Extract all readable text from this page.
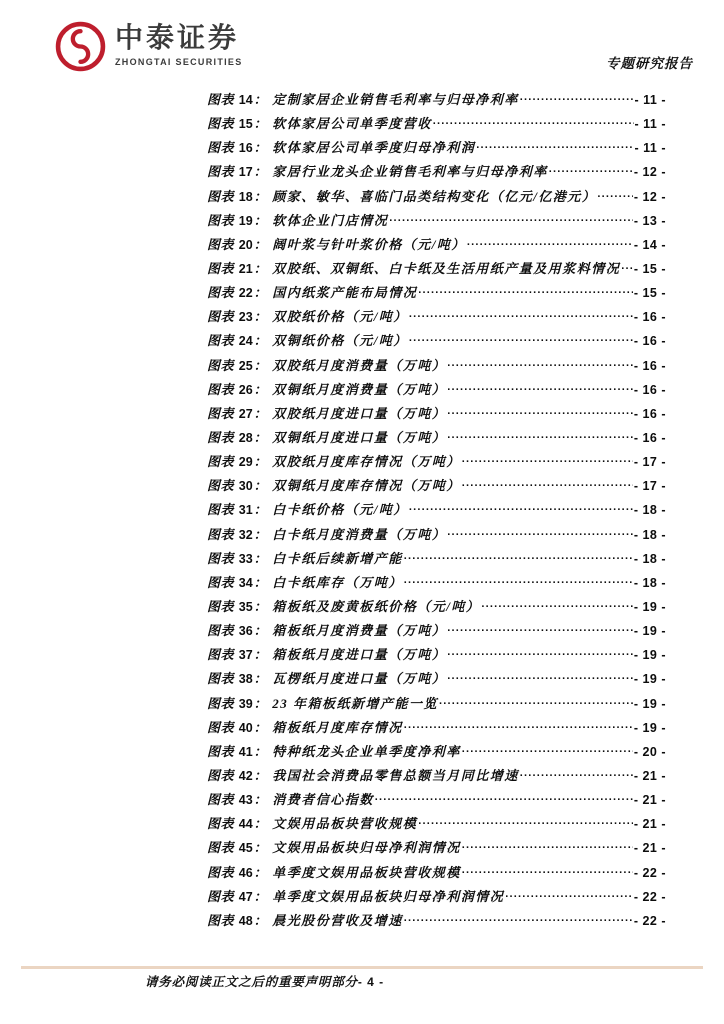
中泰证券
ZHONGTAI SECURITIES	专题研究报告
图表 14： 定制家居企业销售毛利率与归母净利率 .....	- 11 -
图表 15： 软体家居公司单季度营收 .....	- 11 -
图表 16： 软体家居公司单季度归母净利润 .....	- 11 -
图表 17： 家居行业龙头企业销售毛利率与归母净利率 .....	- 12 -
图表 18： 顾家、敏华、喜临门品类结构变化（亿元/亿港元） .....	- 12 -
图表 19： 软体企业门店情况 .....	- 13 -
图表 20： 阔叶浆与针叶浆价格（元/吨） .....	- 14 -
图表 21： 双胶纸、双铜纸、白卡纸及生活用纸产量及用浆料情况 ..... - 15 -
图表 22： 国内纸浆产能布局情况 .....	- 15 -
图表 23： 双胶纸价格（元/吨） .....	- 16 -
图表 24： 双铜纸价格（元/吨） .....	- 16 -
图表 25： 双胶纸月度消费量（万吨） .....	- 16 -
图表 26： 双铜纸月度消费量（万吨） .....	- 16 -
图表 27： 双胶纸月度进口量（万吨） .....	- 16 -
图表 28： 双铜纸月度进口量（万吨） .....	- 16 -
图表 29： 双胶纸月度库存情况（万吨） .....	- 17 -
图表 30： 双铜纸月度库存情况（万吨） .....	- 17 -
图表 31： 白卡纸价格（元/吨） .....	- 18 -
图表 32： 白卡纸月度消费量（万吨） .....	- 18 -
图表 33： 白卡纸后续新增产能 .....	- 18 -
图表 34： 白卡纸库存（万吨） .....	- 18 -
图表 35： 箱板纸及废黄板纸价格（元/吨） .....	- 19 -
图表 36： 箱板纸月度消费量（万吨） .....	- 19 -
图表 37： 箱板纸月度进口量（万吨） .....	- 19 -
图表 38： 瓦楞纸月度进口量（万吨） .....	- 19 -
图表 39： 23 年箱板纸新增产能一览 .....	- 19 -
图表 40： 箱板纸月度库存情况 .....	- 19 -
图表 41： 特种纸龙头企业单季度净利率 .....	- 20 -
图表 42： 我国社会消费品零售总额当月同比增速 .....	- 21 -
图表 43： 消费者信心指数 .....	- 21 -
图表 44： 文娱用品板块营收规模 .....	- 21 -
图表 45： 文娱用品板块归母净利润情况 .....	- 21 -
图表 46： 单季度文娱用品板块营收规模 .....	- 22 -
图表 47： 单季度文娱用品板块归母净利润情况 .....	- 22 -
图表 48： 晨光股份营收及增速 .....	- 22 -
请务必阅读正文之后的重要声明部分- 4 -
